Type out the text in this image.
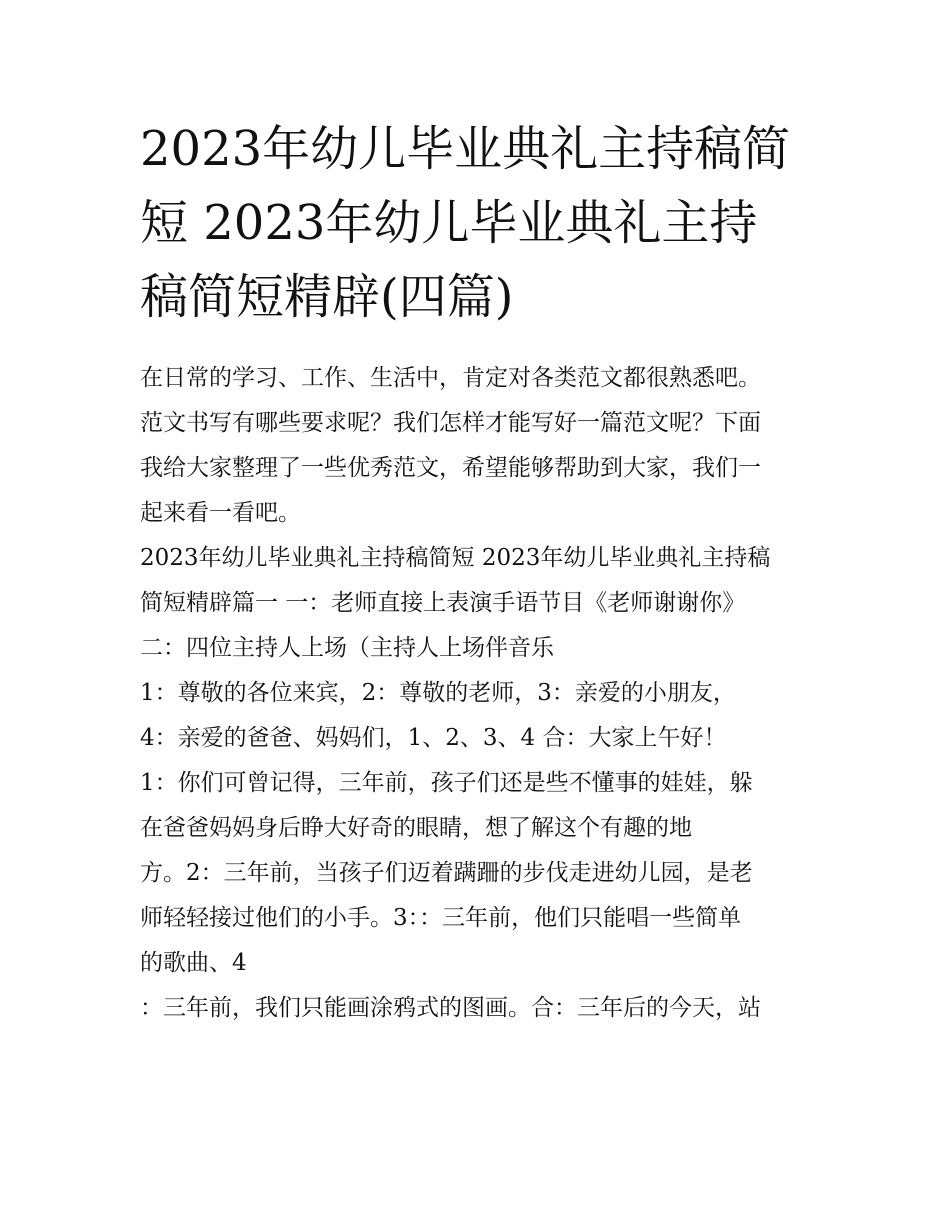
2023年幼儿毕业典礼主持稿简
短 2023年幼儿毕业典礼主持
稿简短精辟(四篇)
在日常的学习、工作、生活中，肯定对各类范文都很熟悉吧。
范文书写有哪些要求呢？我们怎样才能写好一篇范文呢？下面
我给大家整理了一些优秀范文，希望能够帮助到大家，我们一
起来看一看吧。
2023年幼儿毕业典礼主持稿简短 2023年幼儿毕业典礼主持稿
简短精辟篇一 一：老师直接上表演手语节目《老师谢谢你》
二：四位主持人上场（主持人上场伴音乐
1：尊敬的各位来宾，2：尊敬的老师，3：亲爱的小朋友，
4：亲爱的爸爸、妈妈们，1、2、3、4 合：大家上午好！
1：你们可曾记得，三年前，孩子们还是些不懂事的娃娃，躲
在爸爸妈妈身后睁大好奇的眼睛，想了解这个有趣的地
方。2：三年前，当孩子们迈着蹒跚的步伐走进幼儿园，是老
师轻轻接过他们的小手。3：：三年前，他们只能唱一些简单
的歌曲、4
：三年前，我们只能画涂鸦式的图画。合：三年后的今天，站
